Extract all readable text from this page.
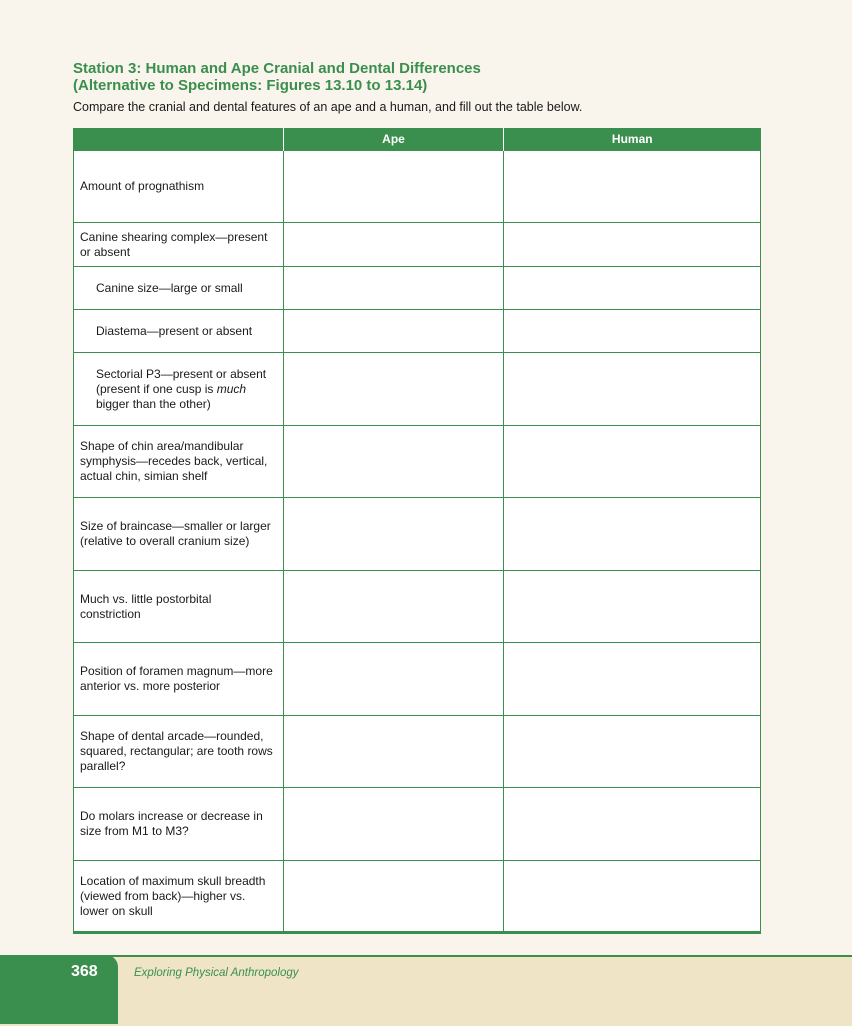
Station 3: Human and Ape Cranial and Dental Differences
(Alternative to Specimens: Figures 13.10 to 13.14)
Compare the cranial and dental features of an ape and a human, and fill out the table below.
	Ape	Human
Amount of prognathism		
Canine shearing complex—present or absent		
Canine size—large or small		
Diastema—present or absent		
Sectorial P3—present or absent (present if one cusp is much bigger than the other)		
Shape of chin area/mandibular symphysis—recedes back, vertical, actual chin, simian shelf		
Size of braincase—smaller or larger (relative to overall cranium size)		
Much vs. little postorbital constriction		
Position of foramen magnum—more anterior vs. more posterior		
Shape of dental arcade—rounded, squared, rectangular; are tooth rows parallel?		
Do molars increase or decrease in size from M1 to M3?		
Location of maximum skull breadth (viewed from back)—higher vs. lower on skull		
368	Exploring Physical Anthropology
